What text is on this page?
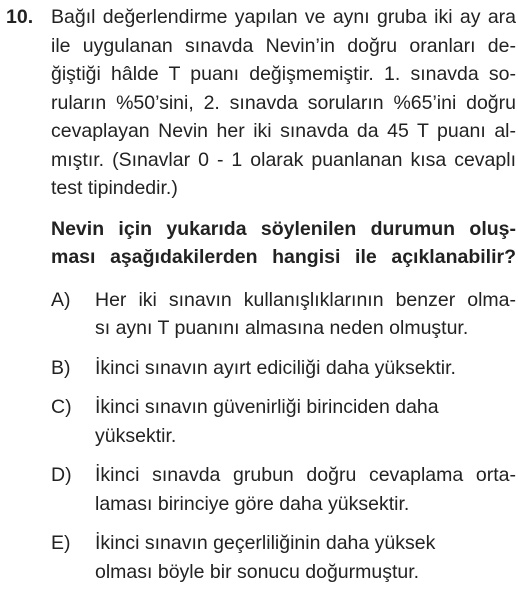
10. Bağıl değerlendirme yapılan ve aynı gruba iki ay ara
ile uygulanan sınavda Nevin’in doğru oranları de-
ğiştiği hâlde T puanı değişmemiştir. 1. sınavda so-
ruların %50’sini, 2. sınavda soruların %65’ini doğru
cevaplayan Nevin her iki sınavda da 45 T puanı al-
mıştır. (Sınavlar 0 - 1 olarak puanlanan kısa cevaplı
test tipindedir.)
Nevin için yukarıda söylenilen durumun oluş-
ması aşağıdakilerden hangisi ile açıklanabilir?
A) Her iki sınavın kullanışlıklarının benzer olma-
sı aynı T puanını almasına neden olmuştur.
B) İkinci sınavın ayırt ediciliği daha yüksektir.
C) İkinci sınavın güvenirliği birinciden daha
yüksektir.
D) İkinci sınavda grubun doğru cevaplama orta-
laması birinciye göre daha yüksektir.
E) İkinci sınavın geçerliliğinin daha yüksek
olması böyle bir sonucu doğurmuştur.
